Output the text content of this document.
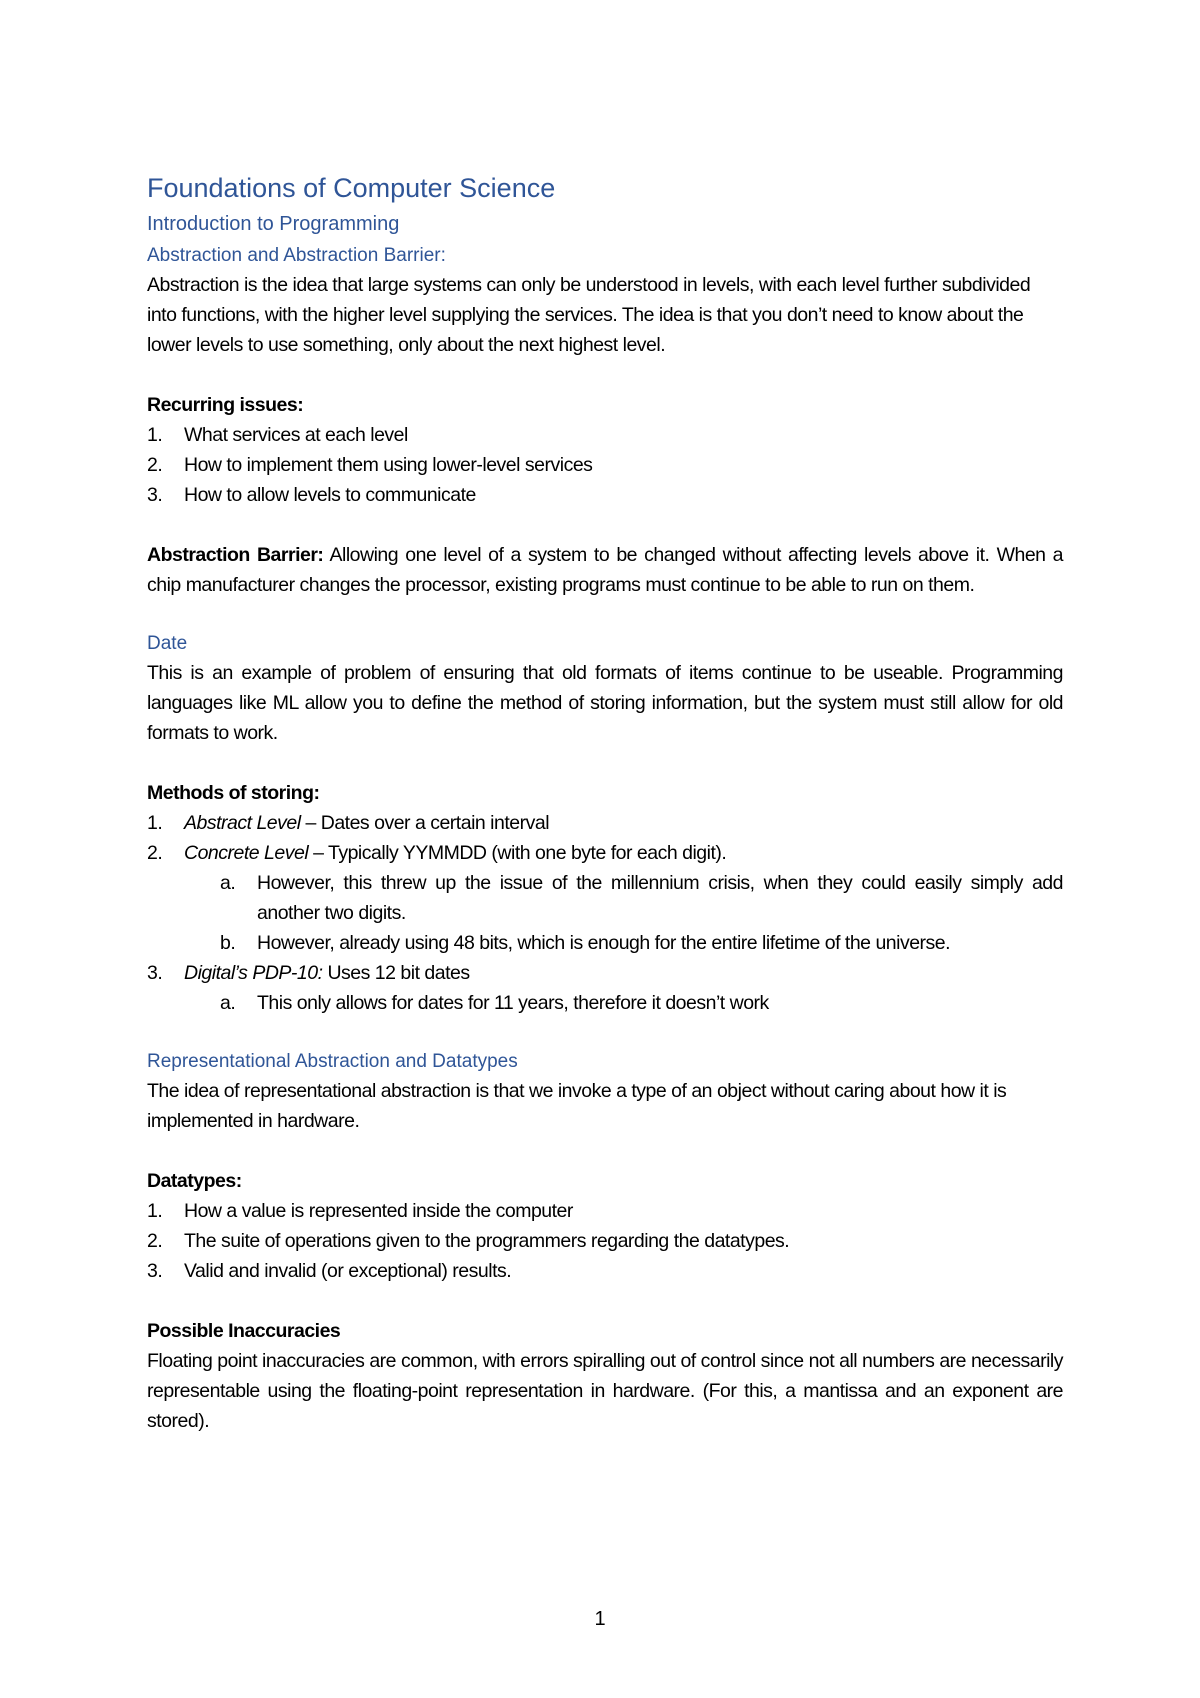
Foundations of Computer Science
Introduction to Programming
Abstraction and Abstraction Barrier:

Abstraction is the idea that large systems can only be understood in levels, with each level further subdivided into functions, with the higher level supplying the services. The idea is that you don’t need to know about the lower levels to use something, only about the next highest level.

Recurring issues:

1. What services at each level
2. How to implement them using lower-level services
3. How to allow levels to communicate

Abstraction Barrier: Allowing one level of a system to be changed without affecting levels above it. When a chip manufacturer changes the processor, existing programs must continue to be able to run on them.

Date

This is an example of problem of ensuring that old formats of items continue to be useable. Programming languages like ML allow you to define the method of storing information, but the system must still allow for old formats to work.

Methods of storing:

1. Abstract Level – Dates over a certain interval
2. Concrete Level – Typically YYMMDD (with one byte for each digit).
a. However, this threw up the issue of the millennium crisis, when they could easily simply add another two digits.
b. However, already using 48 bits, which is enough for the entire lifetime of the universe.
3. Digital’s PDP-10: Uses 12 bit dates
a. This only allows for dates for 11 years, therefore it doesn’t work
Representational Abstraction and Datatypes

The idea of representational abstraction is that we invoke a type of an object without caring about how it is implemented in hardware.

Datatypes:

1. How a value is represented inside the computer
2. The suite of operations given to the programmers regarding the datatypes.
3. Valid and invalid (or exceptional) results.

Possible Inaccuracies

Floating point inaccuracies are common, with errors spiralling out of control since not all numbers are necessarily representable using the floating-point representation in hardware. (For this, a mantissa and an exponent are stored).

1
